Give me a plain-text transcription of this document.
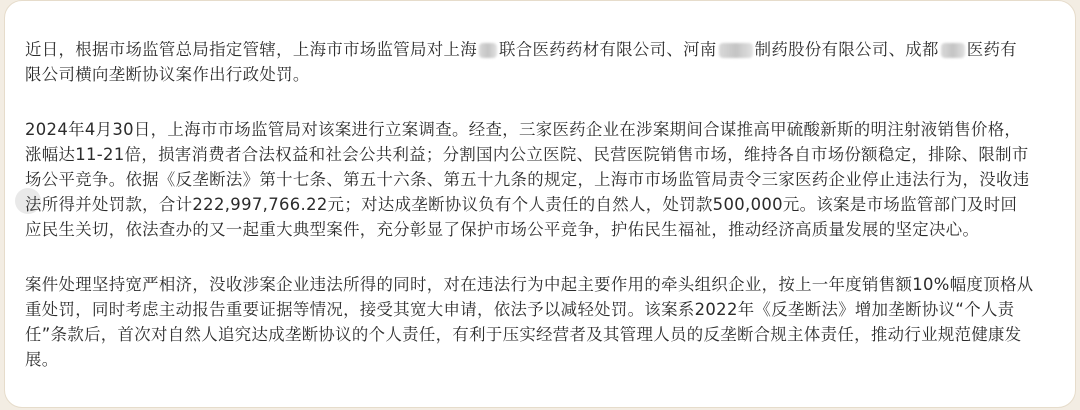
近日，根据市场监管总局指定管辖，上海市市场监管局对上海 联合医药药材有限公司、河南 制药股份有限公司、成都 医药有
限公司横向垄断协议案作出行政处罚。

2024年4月30日，上海市市场监管局对该案进行立案调查。经查，三家医药企业在涉案期间合谋推高甲硫酸新斯的明注射液销售价格，
涨幅达11-21倍，损害消费者合法权益和社会公共利益；分割国内公立医院、民营医院销售市场，维持各自市场份额稳定，排除、限制市
场公平竞争。依据《反垄断法》第十七条、第五十六条、第五十九条的规定，上海市市场监管局责令三家医药企业停止违法行为，没收违
法所得并处罚款，合计222,997,766.22元；对达成垄断协议负有个人责任的自然人，处罚款500,000元。该案是市场监管部门及时回
应民生关切，依法查办的又一起重大典型案件，充分彰显了保护市场公平竞争，护佑民生福祉，推动经济高质量发展的坚定决心。

案件处理坚持宽严相济，没收涉案企业违法所得的同时，对在违法行为中起主要作用的牵头组织企业，按上一年度销售额10%幅度顶格从
重处罚，同时考虑主动报告重要证据等情况，接受其宽大申请，依法予以减轻处罚。该案系2022年《反垄断法》增加垄断协议“个人责
任”条款后，首次对自然人追究达成垄断协议的个人责任，有利于压实经营者及其管理人员的反垄断合规主体责任，推动行业规范健康发
展。
